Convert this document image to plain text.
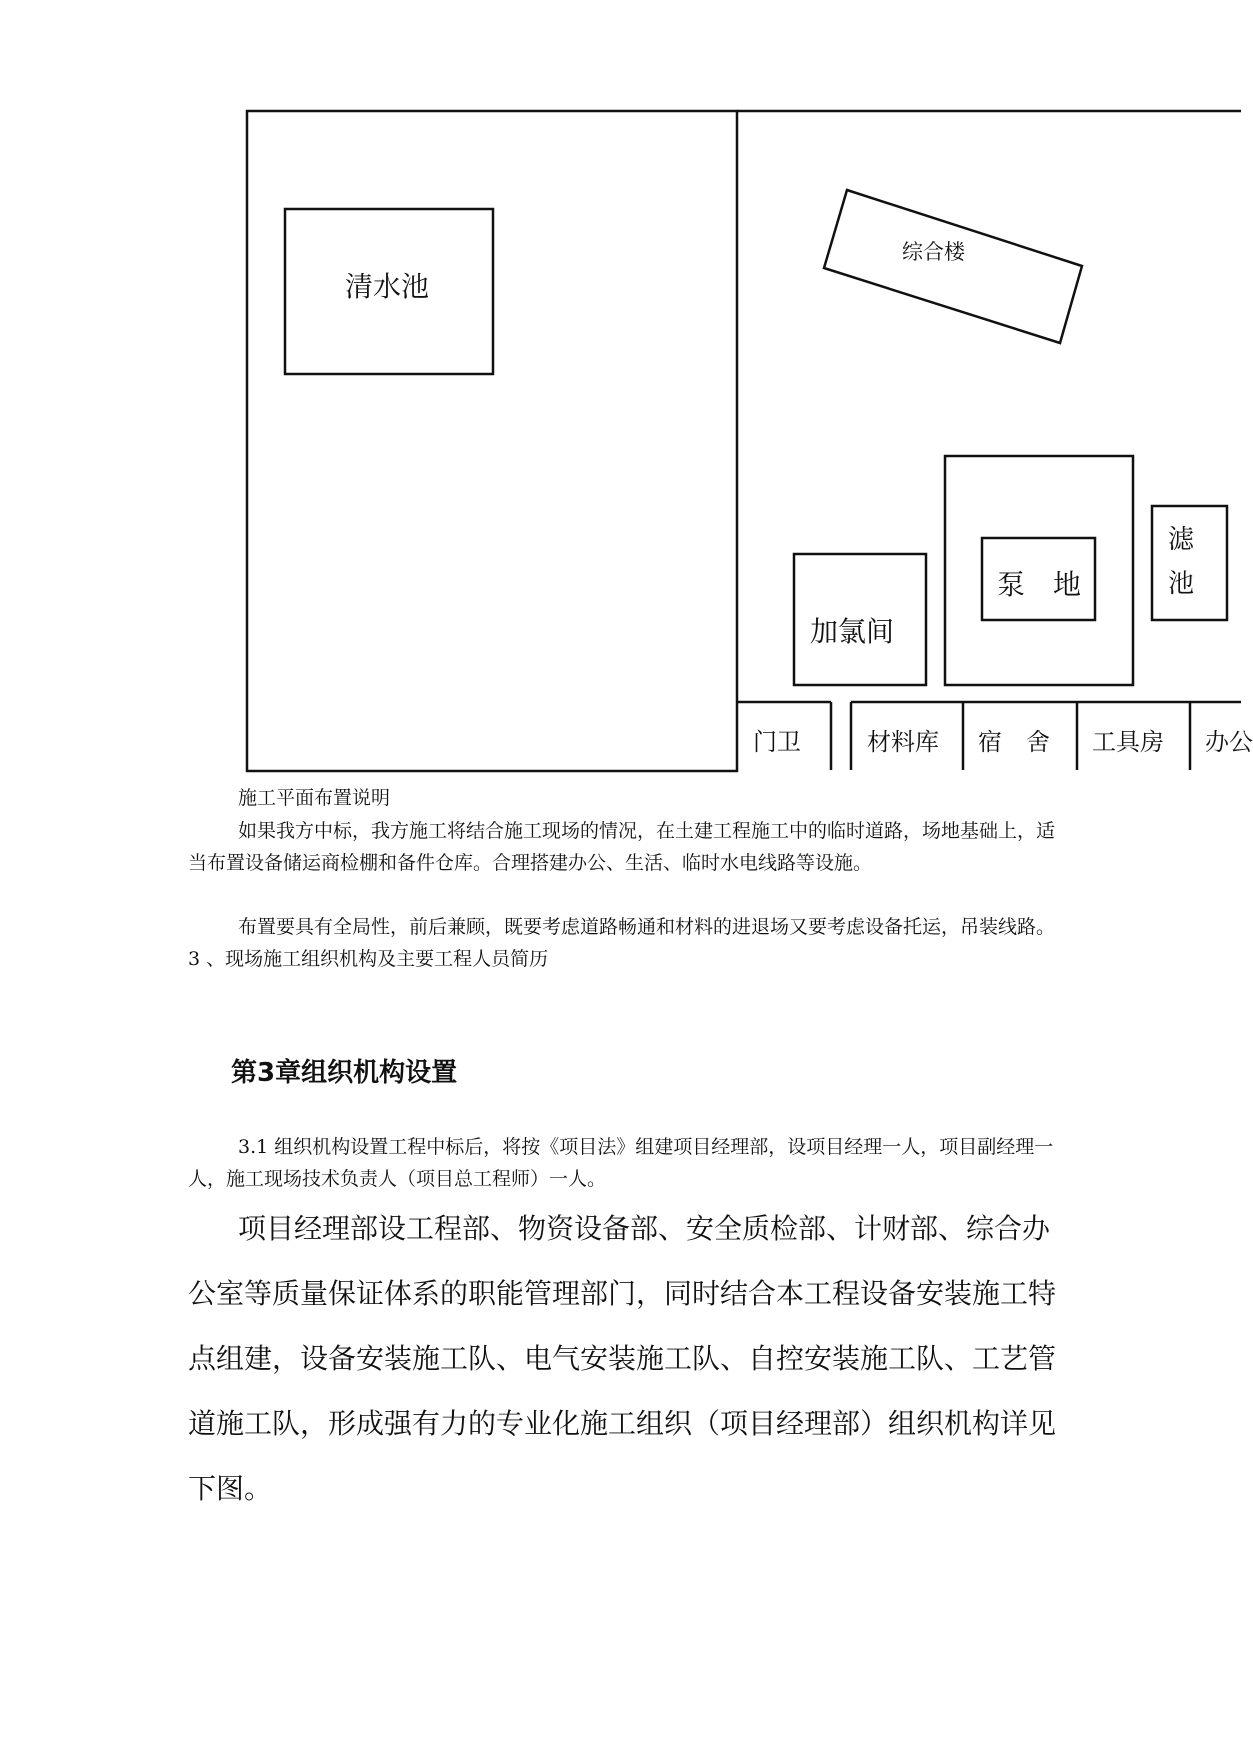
清水池
综合楼
泵　地
加氯间
滤
池
门卫	材料库 宿　舍 工具房 办公

施工平面布置说明

如果我方中标，我方施工将结合施工现场的情况，在土建工程施工中的临时道路，场地基础上，适当布置设备储运商检棚和备件仓库。合理搭建办公、生活、临时水电线路等设施。

布置要具有全局性，前后兼顾，既要考虑道路畅通和材料的进退场又要考虑设备托运，吊装线路。 3 、现场施工组织机构及主要工程人员简历

第3章组织机构设置

3.1 组织机构设置工程中标后，将按《项目法》组建项目经理部，设项目经理一人，项目副经理一人，施工现场技术负责人（项目总工程师）一人。

项目经理部设工程部、物资设备部、安全质检部、计财部、综合办公室等质量保证体系的职能管理部门，同时结合本工程设备安装施工特点组建，设备安装施工队、电气安装施工队、自控安装施工队、工艺管道施工队，形成强有力的专业化施工组织（项目经理部）组织机构详见下图。
